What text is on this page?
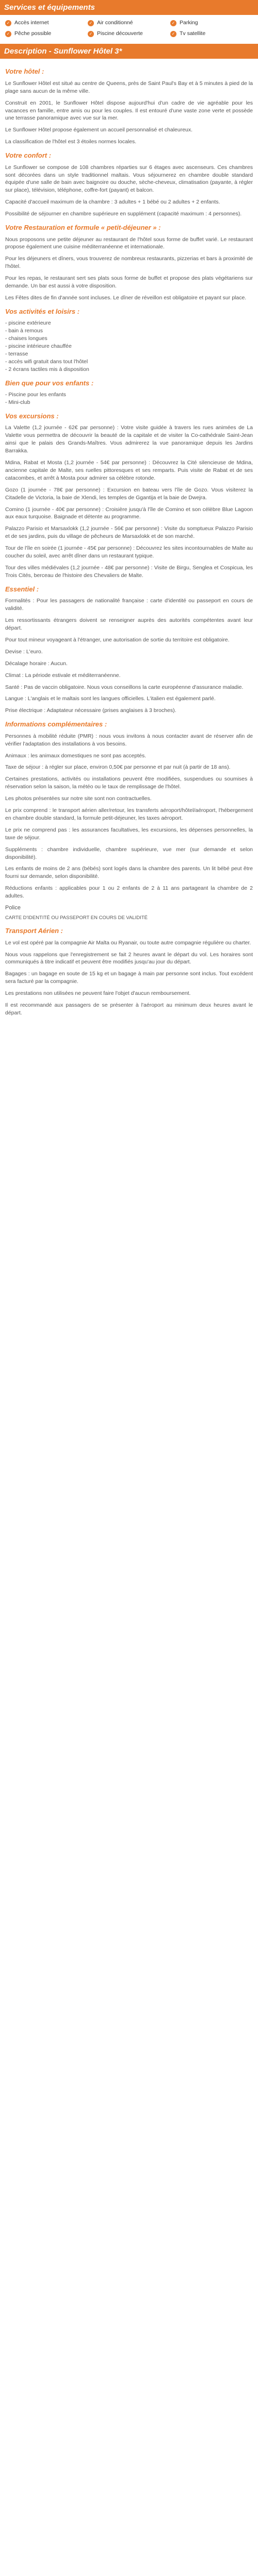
Services et équipements
✓ Accès internet	✓ Air conditionné	✓ Parking
✓ Pêche possible	✓ Piscine découverte	✓ Tv satellite
Description - Sunflower Hôtel 3*
Votre hôtel :

Le Sunflower Hôtel est situé au centre de Queens, près de Saint Paul's Bay et à 5 minutes à pied de la plage sans aucun de la même ville.

Construit en 2001, le Sunflower Hôtel dispose aujourd'hui d'un cadre de vie agréable pour les vacances en famille, entre amis ou pour les couples. Il est entouré d'une vaste zone verte et possède une terrasse panoramique avec vue sur la mer.

Le Sunflower Hôtel propose également un accueil personnalisé et chaleureux.

La classification de l'hôtel est 3 étoiles normes locales.

Votre confort :

Le Sunflower se compose de 108 chambres réparties sur 6 étages avec ascenseurs. Ces chambres sont décorées dans un style traditionnel maltais. Vous séjournerez en chambre double standard équipée d'une salle de bain avec baignoire ou douche, sèche-cheveux, climatisation (payante, à régler sur place), télévision, téléphone, coffre-fort (payant) et balcon.

Capacité d'accueil maximum de la chambre : 3 adultes + 1 bébé ou 2 adultes + 2 enfants.

Possibilité de séjourner en chambre supérieure en supplément (capacité maximum : 4 personnes).

Votre Restauration et formule « petit-déjeuner » :

Nous proposons une petite déjeuner au restaurant de l'hôtel sous forme de buffet varié. Le restaurant propose également une cuisine méditerranéenne et internationale.

Pour les déjeuners et dîners, vous trouverez de nombreux restaurants, pizzerias et bars à proximité de l'hôtel.

Pour les repas, le restaurant sert ses plats sous forme de buffet et propose des plats végétariens sur demande. Un bar est aussi à votre disposition.

Les Fêtes dites de fin d'année sont incluses. Le dîner de réveillon est obligatoire et payant sur place.

Vos activités et loisirs :

- piscine extérieure

- bain à remous

- chaises longues

- piscine intérieure chauffée

- terrasse

- accès wifi gratuit dans tout l'hôtel

- 2 écrans tactiles mis à disposition

Bien que pour vos enfants :

- Piscine pour les enfants

- Mini-club

Vos excursions :

La Valette (1,2 journée - 62€ par personne) : Votre visite guidée à travers les rues animées de La Valette vous permettra de découvrir la beauté de la capitale et de visiter la Co-cathédrale Saint-Jean ainsi que le palais des Grands-Maîtres. Vous admirerez la vue panoramique depuis les Jardins Barrakka.

Mdina, Rabat et Mosta (1,2 journée - 54€ par personne) : Découvrez la Cité silencieuse de Mdina, ancienne capitale de Malte, ses ruelles pittoresques et ses remparts. Puis visite de Rabat et de ses catacombes, et arrêt à Mosta pour admirer sa célèbre rotonde.

Gozo (1 journée - 78€ par personne) : Excursion en bateau vers l'île de Gozo. Vous visiterez la Citadelle de Victoria, la baie de Xlendi, les temples de Ggantija et la baie de Dwejra.

Comino (1 journée - 40€ par personne) : Croisière jusqu'à l'île de Comino et son célèbre Blue Lagoon aux eaux turquoise. Baignade et détente au programme.

Palazzo Parisio et Marsaxlokk (1,2 journée - 56€ par personne) : Visite du somptueux Palazzo Parisio et de ses jardins, puis du village de pêcheurs de Marsaxlokk et de son marché.

Tour de l'île en soirée (1 journée - 45€ par personne) : Découvrez les sites incontournables de Malte au coucher du soleil, avec arrêt dîner dans un restaurant typique.

Tour des villes médiévales (1,2 journée - 48€ par personne) : Visite de Birgu, Senglea et Cospicua, les Trois Cités, berceau de l'histoire des Chevaliers de Malte.

Essentiel :

Formalités : Pour les passagers de nationalité française : carte d'identité ou passeport en cours de validité.

Les ressortissants étrangers doivent se renseigner auprès des autorités compétentes avant leur départ.

Pour tout mineur voyageant à l'étranger, une autorisation de sortie du territoire est obligatoire.

Devise : L'euro.

Décalage horaire : Aucun.

Climat : La période estivale et méditerranéenne.

Santé : Pas de vaccin obligatoire. Nous vous conseillons la carte européenne d'assurance maladie.

Langue : L'anglais et le maltais sont les langues officielles. L'italien est également parlé.

Prise électrique : Adaptateur nécessaire (prises anglaises à 3 broches).

Informations complémentaires :

Personnes à mobilité réduite (PMR) : nous vous invitons à nous contacter avant de réserver afin de vérifier l'adaptation des installations à vos besoins.

Animaux : les animaux domestiques ne sont pas acceptés.

Taxe de séjour : à régler sur place, environ 0,50€ par personne et par nuit (à partir de 18 ans).

Certaines prestations, activités ou installations peuvent être modifiées, suspendues ou soumises à réservation selon la saison, la météo ou le taux de remplissage de l'hôtel.

Les photos présentées sur notre site sont non contractuelles.

Le prix comprend : le transport aérien aller/retour, les transferts aéroport/hôtel/aéroport, l'hébergement en chambre double standard, la formule petit-déjeuner, les taxes aéroport.

Le prix ne comprend pas : les assurances facultatives, les excursions, les dépenses personnelles, la taxe de séjour.

Suppléments : chambre individuelle, chambre supérieure, vue mer (sur demande et selon disponibilité).

Les enfants de moins de 2 ans (bébés) sont logés dans la chambre des parents. Un lit bébé peut être fourni sur demande, selon disponibilité.

Réductions enfants : applicables pour 1 ou 2 enfants de 2 à 11 ans partageant la chambre de 2 adultes.

Police

CARTE D'IDENTITÉ OU PASSEPORT EN COURS DE VALIDITÉ

Transport Aérien :

Le vol est opéré par la compagnie Air Malta ou Ryanair, ou toute autre compagnie régulière ou charter.

Nous vous rappelons que l'enregistrement se fait 2 heures avant le départ du vol. Les horaires sont communiqués à titre indicatif et peuvent être modifiés jusqu'au jour du départ.

Bagages : un bagage en soute de 15 kg et un bagage à main par personne sont inclus. Tout excédent sera facturé par la compagnie.

Les prestations non utilisées ne peuvent faire l'objet d'aucun remboursement.

Il est recommandé aux passagers de se présenter à l'aéroport au minimum deux heures avant le départ.
